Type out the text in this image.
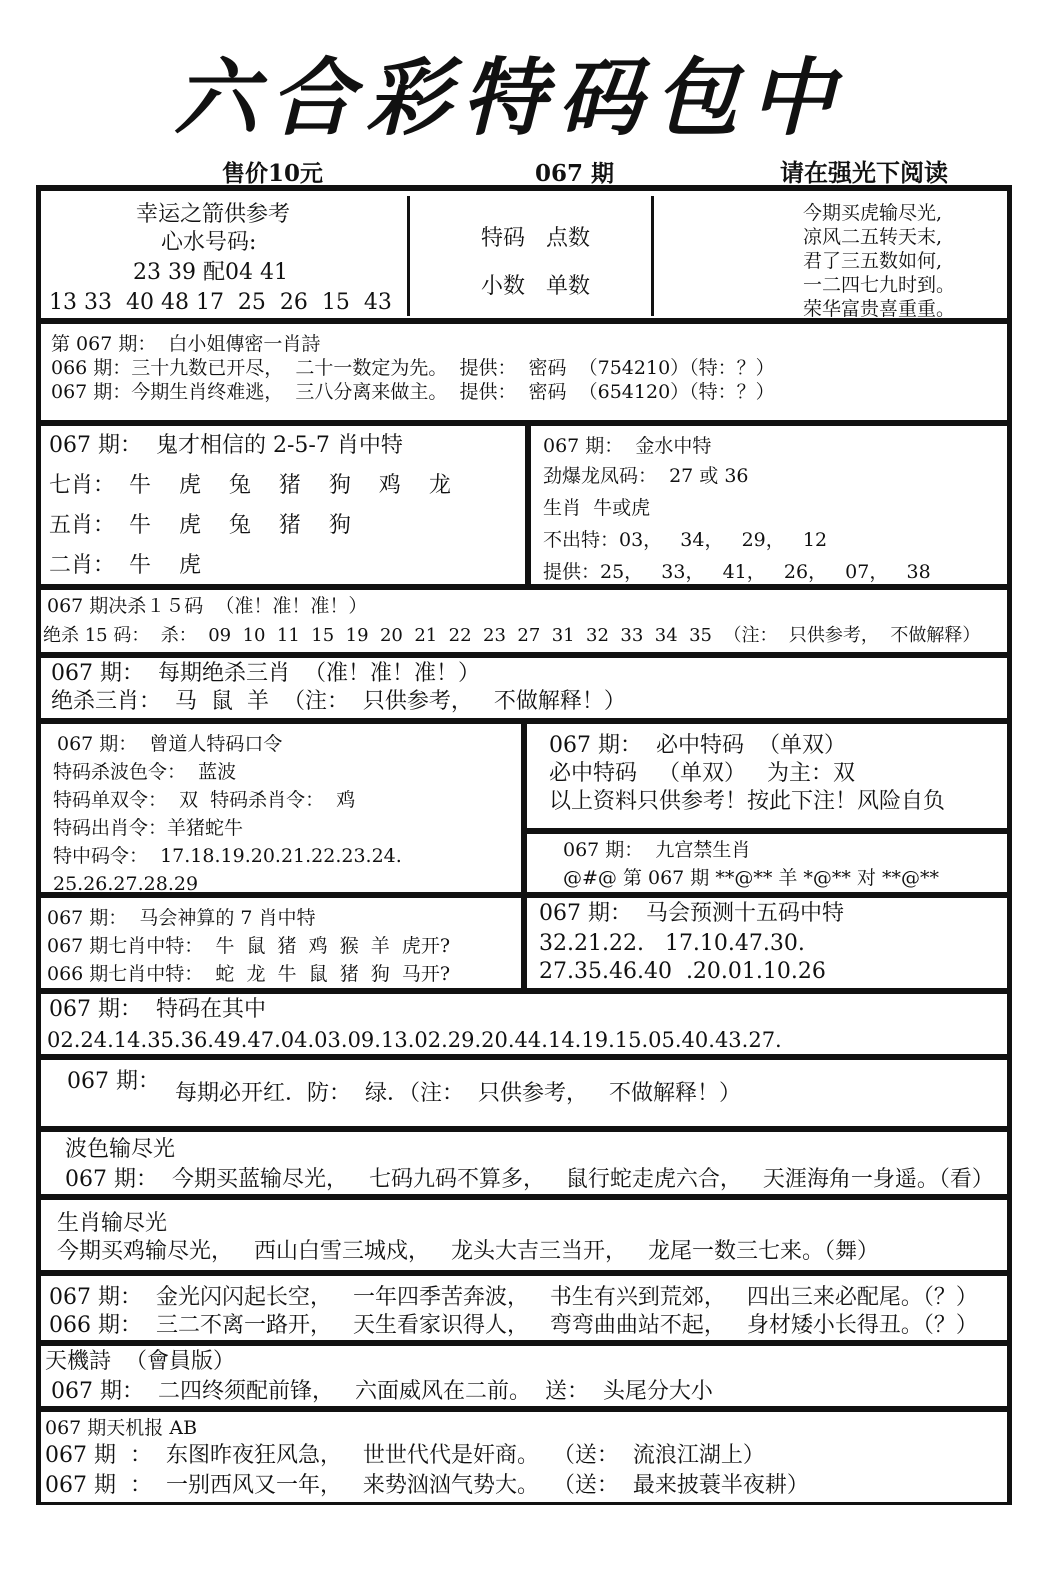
六合彩特码包中
售价10元	067 期	请在强光下阅读
幸运之箭供参考
心水号码:
23 39 配04 41
13 33  40 48 17  25  26  15  43
特码   点数
小数   单数
今期买虎输尽光,
凉风二五转天末,
君了三五数如何,
一二四七九时到。
荣华富贵喜重重。
第 067 期：  白小姐傳密一肖詩
066 期：三十九数已开尽，  二十一数定为先。  提供：  密码  （754210）（特：？）
067 期：今期生肖终难逃，  三八分离来做主。  提供：  密码  （654120）（特：？）
067 期：  鬼才相信的 2-5-7 肖中特
七肖：  牛    虎    兔    猪    狗    鸡    龙
五肖：  牛    虎    兔    猪    狗
二肖：  牛    虎
067 期：  金水中特
劲爆龙凤码：  27 或 36
生肖  牛或虎
不出特：03，   34，   29，   12
提供：25，   33，   41，   26，   07，   38
067 期决杀１５码  （准！准！准！）
绝杀 15 码：  杀：  09  10  11  15  19  20  21  22  23  27  31  32  33  34  35  （注：  只供参考，  不做解释）
067 期：  每期绝杀三肖  （准！准！准！）
绝杀三肖：  马  鼠  羊  （注：  只供参考，   不做解释！）
067 期：  曾道人特码口令
特码杀波色令：  蓝波
特码单双令：  双  特码杀肖令：  鸡
特码出肖令：羊猪蛇牛
特中码令：  17.18.19.20.21.22.23.24.
25.26.27.28.29
067 期：  必中特码  （单双）
必中特码   （单双）   为主：双
以上资料只供参考！按此下注！风险自负
067 期：  九宫禁生肖
@#@ 第 067 期 **@** 羊 *@** 对 **@**
067 期：  马会神算的 7 肖中特
067 期七肖中特：  牛  鼠  猪  鸡  猴  羊  虎开?
066 期七肖中特：  蛇  龙  牛  鼠  猪  狗  马开?
067 期：  马会预测十五码中特
32.21.22.   17.10.47.30.
27.35.46.40  .20.01.10.26
067 期：  特码在其中
02.24.14.35.36.49.47.04.03.09.13.02.29.20.44.14.19.15.05.40.43.27.
067 期： 每期必开红．防：  绿．（注：  只供参考，   不做解释！）
波色输尽光
067 期：  今期买蓝输尽光，   七码九码不算多，   鼠行蛇走虎六合，   天涯海角一身遥。（看）
生肖输尽光
今期买鸡输尽光，   西山白雪三城戍，   龙头大吉三当开，   龙尾一数三七来。（舞）
067 期：  金光闪闪起长空，   一年四季苦奔波，   书生有兴到荒郊，   四出三来必配尾。（？）
066 期：  三二不离一路开，   天生看家识得人，   弯弯曲曲站不起，   身材矮小长得丑。（？）
天機詩  （會員版）
067 期：  二四终须配前锋，   六面威风在二前。  送：  头尾分大小
067 期天机报 AB
067 期  ：  东图昨夜狂风急，   世世代代是奸商。  （送：  流浪江湖上）
067 期  ：  一别西风又一年，   来势汹汹气势大。  （送：  最来披蓑半夜耕）
